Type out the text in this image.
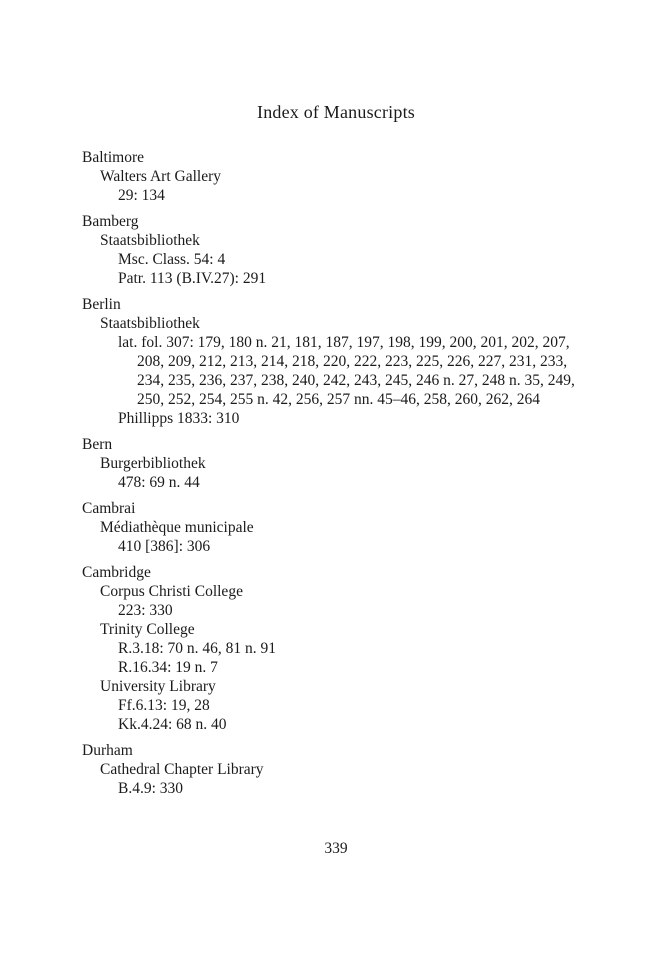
Index of Manuscripts
Baltimore
Walters Art Gallery
29: 134
Bamberg
Staatsbibliothek
Msc. Class. 54: 4
Patr. 113 (B.IV.27): 291
Berlin
Staatsbibliothek
lat. fol. 307: 179, 180 n. 21, 181, 187, 197, 198, 199, 200, 201, 202, 207, 208, 209, 212, 213, 214, 218, 220, 222, 223, 225, 226, 227, 231, 233, 234, 235, 236, 237, 238, 240, 242, 243, 245, 246 n. 27, 248 n. 35, 249, 250, 252, 254, 255 n. 42, 256, 257 nn. 45–46, 258, 260, 262, 264
Phillipps 1833: 310
Bern
Burgerbibliothek
478: 69 n. 44
Cambrai
Médiathèque municipale
410 [386]: 306
Cambridge
Corpus Christi College
223: 330
Trinity College
R.3.18: 70 n. 46, 81 n. 91
R.16.34: 19 n. 7
University Library
Ff.6.13: 19, 28
Kk.4.24: 68 n. 40
Durham
Cathedral Chapter Library
B.4.9: 330
339
